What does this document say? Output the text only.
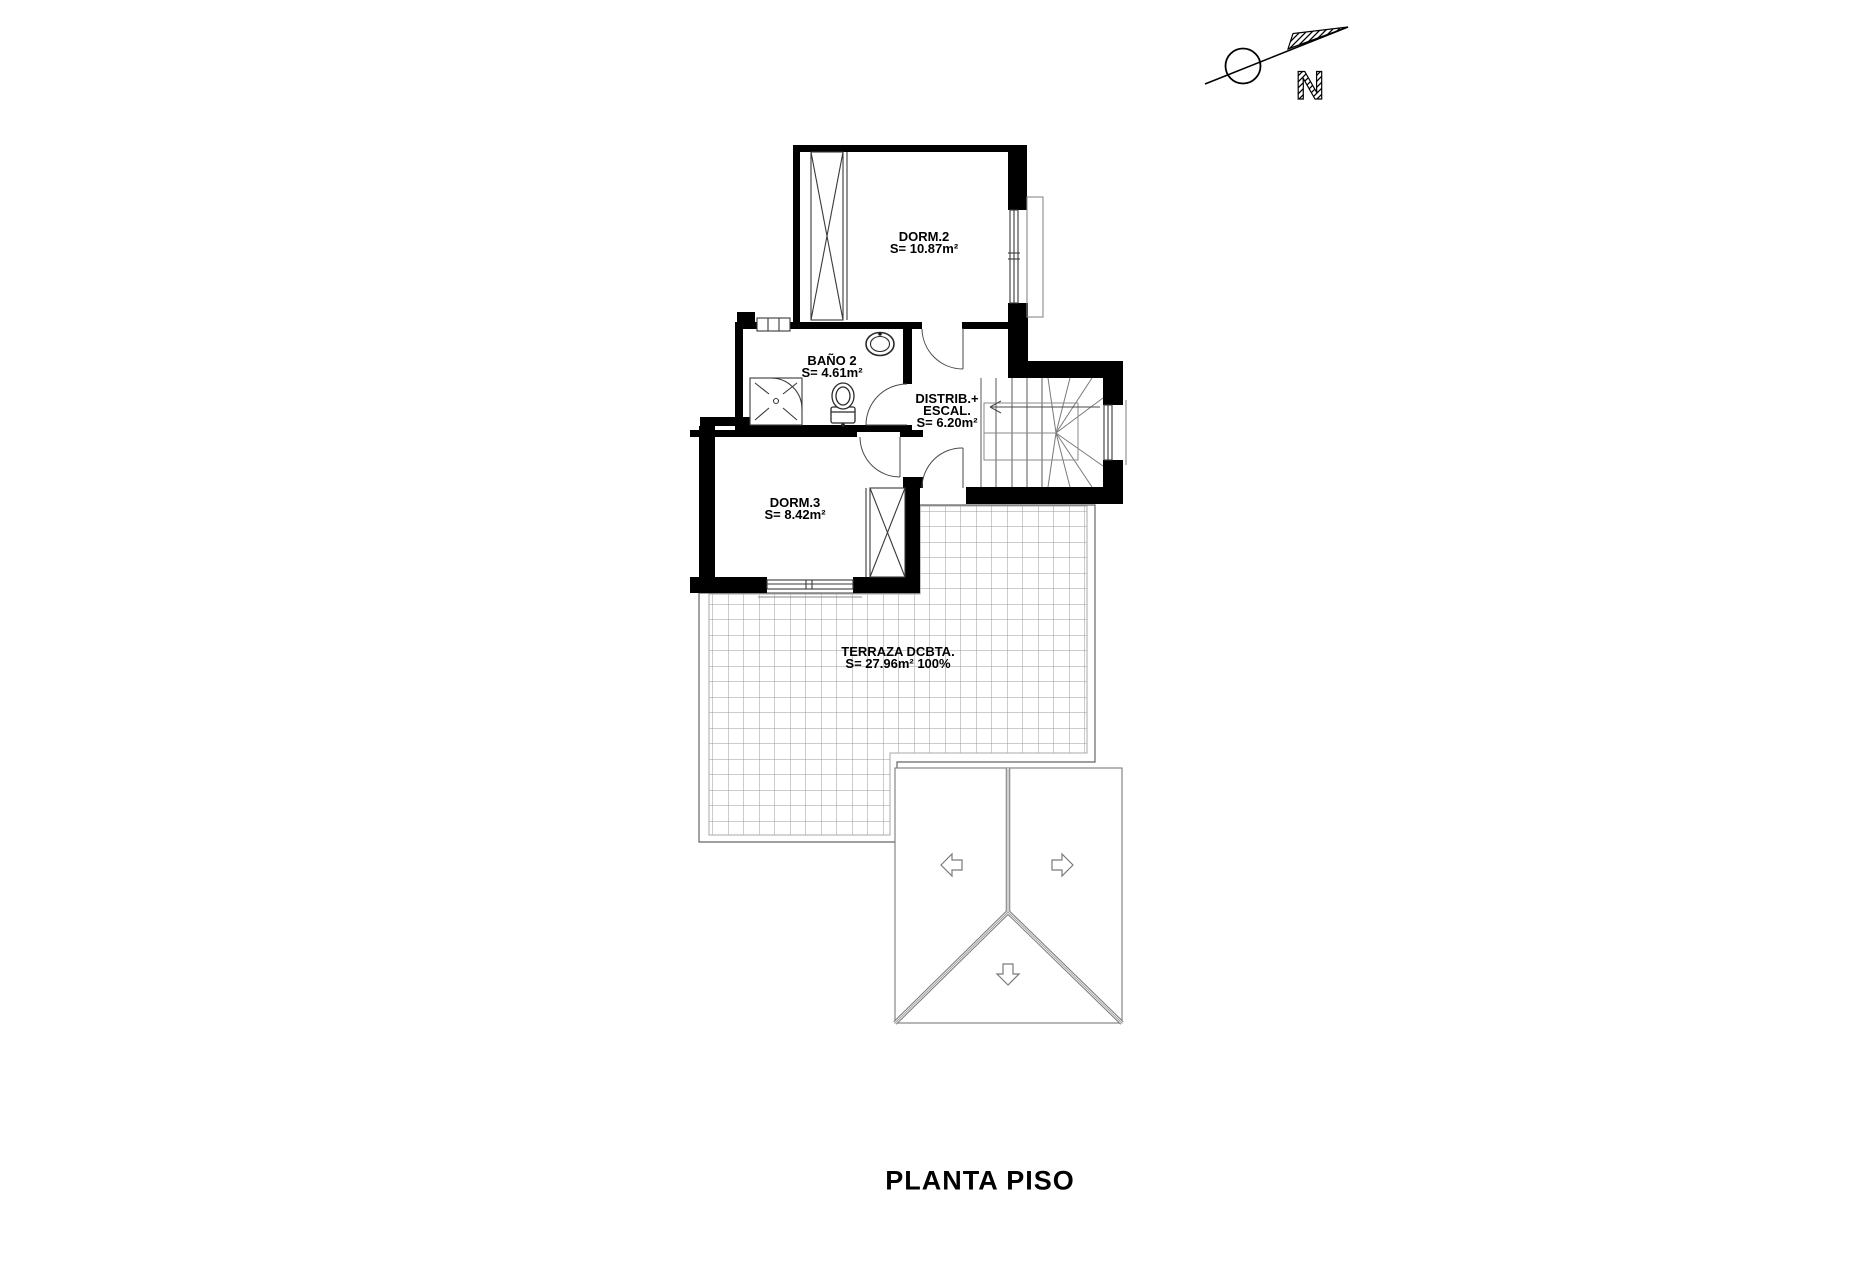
N
DORM.2
S= 10.87m²
BAÑO 2
S= 4.61m²
DISTRIB.+
ESCAL.
S= 6.20m²
DORM.3
S= 8.42m²
TERRAZA DCBTA.
S= 27.96m² 100%
PLANTA PISO
